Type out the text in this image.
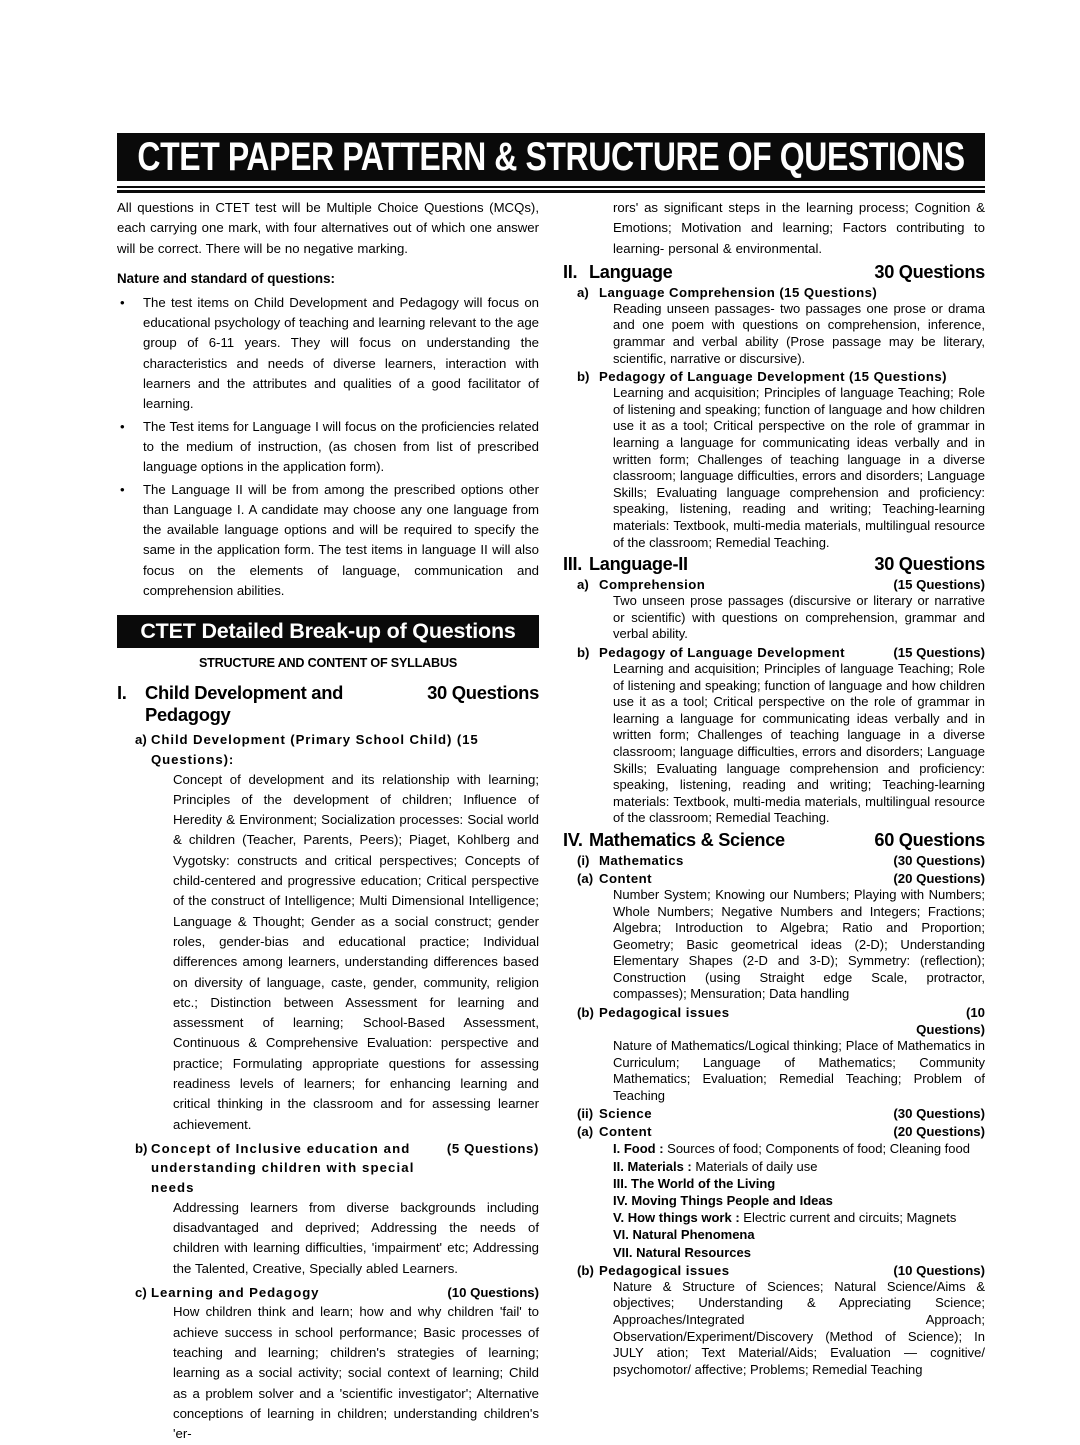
CTET PAPER PATTERN & STRUCTURE OF QUESTIONS
All questions in CTET test will be Multiple Choice Questions (MCQs), each carrying one mark, with four alternatives out of which one answer will be correct. There will be no negative marking.
Nature and standard of questions:
•	The test items on Child Development and Pedagogy will focus on educational psychology of teaching and learning relevant to the age group of 6-11 years. They will focus on understanding the characteristics and needs of diverse learners, interaction with learners and the attributes and qualities of a good facilitator of learning.
•	The Test items for Language I will focus on the proficiencies related to the medium of instruction, (as chosen from list of prescribed language options in the application form).
•	The Language II will be from among the prescribed options other than Language I. A candidate may choose any one language from the available language options and will be required to specify the same in the application form. The test items in language II will also focus on the elements of language, communication and comprehension abilities.
CTET Detailed Break-up of Questions
STRUCTURE AND CONTENT OF SYLLABUS
I. Child Development and Pedagogy
30 Questions
a) Child Development (Primary School Child) (15 Questions):
Concept of development and its relationship with learning; Principles of the development of children; Influence of Heredity & Environment; Socialization processes: Social world & children (Teacher, Parents, Peers); Piaget, Kohlberg and Vygotsky: constructs and critical perspectives; Concepts of child-centered and progressive education; Critical perspective of the construct of Intelligence; Multi Dimensional Intelligence; Language & Thought; Gender as a social construct; gender roles, gender-bias and educational practice; Individual differences among learners, understanding differences based on diversity of language, caste, gender, community, religion etc.; Distinction between Assessment for learning and assessment of learning; School-Based Assessment, Continuous & Comprehensive Evaluation: perspective and practice; Formulating appropriate questions for assessing readiness levels of learners; for enhancing learning and critical thinking in the classroom and for assessing learner achievement.
b) Concept of Inclusive education and understanding children with special needs
(5 Questions)
Addressing learners from diverse backgrounds including disadvantaged and deprived; Addressing the needs of children with learning difficulties, 'impairment' etc; Addressing the Talented, Creative, Specially abled Learners.
c) Learning and Pedagogy	(10 Questions)
How children think and learn; how and why children 'fail' to achieve success in school performance; Basic processes of teaching and learning; children's strategies of learning; learning as a social activity; social context of learning; Child as a problem solver and a 'scientific investigator'; Alternative conceptions of learning in children; understanding children's 'er-
rors' as significant steps in the learning process; Cognition & Emotions; Motivation and learning; Factors contributing to learning- personal & environmental.
II. Language	30 Questions
a) Language Comprehension (15 Questions)
Reading unseen passages- two passages one prose or drama and one poem with questions on comprehension, inference, grammar and verbal ability (Prose passage may be literary, scientific, narrative or discursive).
b) Pedagogy of Language Development (15 Questions)
Learning and acquisition; Principles of language Teaching; Role of listening and speaking; function of language and how children use it as a tool; Critical perspective on the role of grammar in learning a language for communicating ideas verbally and in written form; Challenges of teaching language in a diverse classroom; language difficulties, errors and disorders; Language Skills; Evaluating language comprehension and proficiency: speaking, listening, reading and writing; Teaching-learning materials: Textbook, multi-media materials, multilingual resource of the classroom; Remedial Teaching.
III. Language-II	30 Questions
a) Comprehension	(15 Questions)
Two unseen prose passages (discursive or literary or narrative or scientific) with questions on comprehension, grammar and verbal ability.
b) Pedagogy of Language Development	(15 Questions)
Learning and acquisition; Principles of language Teaching; Role of listening and speaking; function of language and how children use it as a tool; Critical perspective on the role of grammar in learning a language for communicating ideas verbally and in written form; Challenges of teaching language in a diverse classroom; language difficulties, errors and disorders; Language Skills; Evaluating language comprehension and proficiency: speaking, listening, reading and writing; Teaching-learning materials: Textbook, multi-media materials, multilingual resource of the classroom; Remedial Teaching.
IV. Mathematics & Science	60 Questions
(i) Mathematics	(30 Questions)
(a) Content	(20 Questions)
Number System; Knowing our Numbers; Playing with Numbers; Whole Numbers; Negative Numbers and Integers; Fractions; Algebra; Introduction to Algebra; Ratio and Proportion; Geometry; Basic geometrical ideas (2-D); Understanding Elementary Shapes (2-D and 3-D); Symmetry: (reflection); Construction (using Straight edge Scale, protractor, compasses); Mensuration; Data handling
(b) Pedagogical issues	(10
Questions)
Nature of Mathematics/Logical thinking; Place of Mathematics in Curriculum; Language of Mathematics; Community Mathematics; Evaluation; Remedial Teaching; Problem of Teaching
(ii) Science	(30 Questions)
(a) Content	(20 Questions)
I. Food : Sources of food; Components of food; Cleaning food
II. Materials : Materials of daily use
III. The World of the Living
IV. Moving Things People and Ideas
V. How things work : Electric current and circuits; Magnets
VI. Natural Phenomena
VII. Natural Resources
(b) Pedagogical issues	(10 Questions)
Nature & Structure of Sciences; Natural Science/Aims & objectives; Understanding & Appreciating Science; Approaches/Integrated Approach; Observation/Experiment/Discovery (Method of Science); In JULY ation; Text Material/Aids; Evaluation — cognitive/ psychomotor/ affective; Problems; Remedial Teaching
